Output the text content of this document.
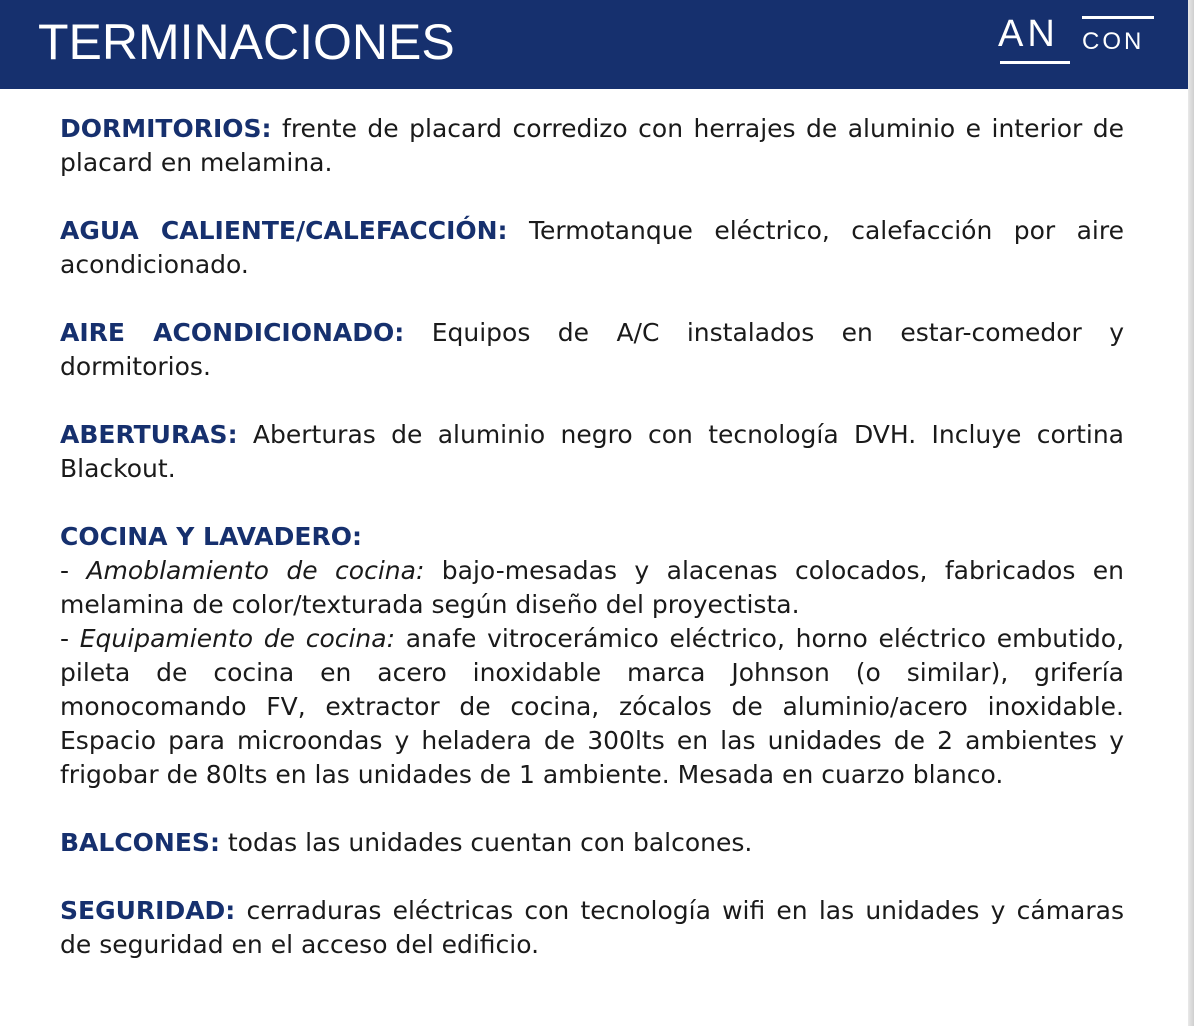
TERMINACIONES	AN CON

DORMITORIOS: frente de placard corredizo con herrajes de aluminio e interior de placard en melamina.

AGUA CALIENTE/CALEFACCIÓN: Termotanque eléctrico, calefacción por aire acondicionado.

AIRE ACONDICIONADO: Equipos de A/C instalados en estar-comedor y dormitorios.

ABERTURAS: Aberturas de aluminio negro con tecnología DVH. Incluye cortina Blackout.

COCINA Y LAVADERO:
- Amoblamiento de cocina: bajo-mesadas y alacenas colocados, fabricados en melamina de color/texturada según diseño del proyectista.
- Equipamiento de cocina: anafe vitrocerámico eléctrico, horno eléctrico embutido, pileta de cocina en acero inoxidable marca Johnson (o similar), grifería monocomando FV, extractor de cocina, zócalos de aluminio/acero inoxidable. Espacio para microondas y heladera de 300lts en las unidades de 2 ambientes y frigobar de 80lts en las unidades de 1 ambiente. Mesada en cuarzo blanco.

BALCONES: todas las unidades cuentan con balcones.

SEGURIDAD: cerraduras eléctricas con tecnología wifi en las unidades y cámaras de seguridad en el acceso del edificio.
